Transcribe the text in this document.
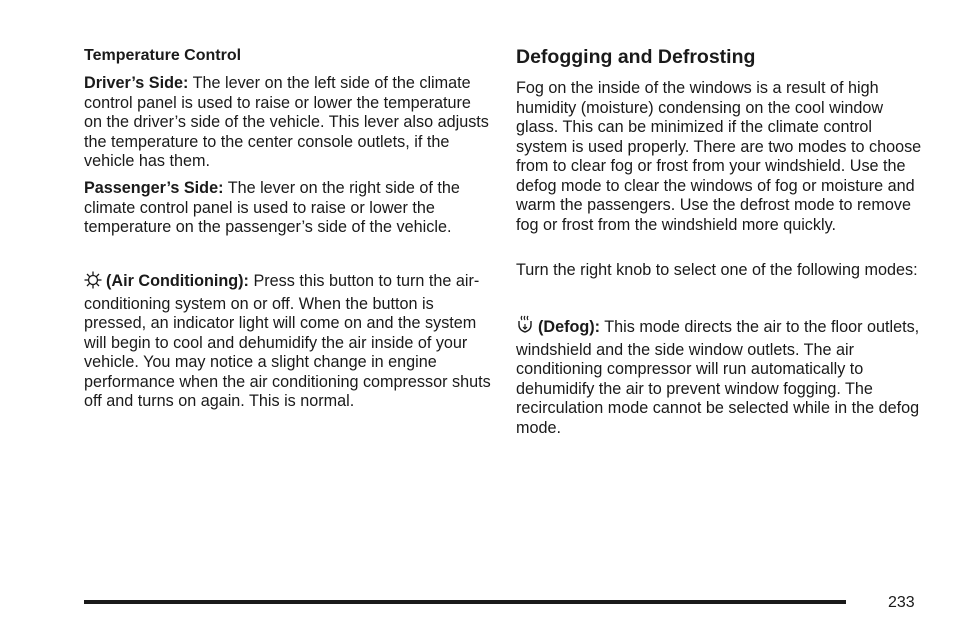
Temperature Control

Driver’s Side: The lever on the left side of the climate control panel is used to raise or lower the temperature on the driver’s side of the vehicle. This lever also adjusts the temperature to the center console outlets, if the vehicle has them.

Passenger’s Side: The lever on the right side of the climate control panel is used to raise or lower the temperature on the passenger’s side of the vehicle.

(Air Conditioning): Press this button to turn the air-conditioning system on or off. When the button is pressed, an indicator light will come on and the system will begin to cool and dehumidify the air inside of your vehicle. You may notice a slight change in engine performance when the air conditioning compressor shuts off and turns on again. This is normal.

Defogging and Defrosting

Fog on the inside of the windows is a result of high humidity (moisture) condensing on the cool window glass. This can be minimized if the climate control system is used properly. There are two modes to choose from to clear fog or frost from your windshield. Use the defog mode to clear the windows of fog or moisture and warm the passengers. Use the defrost mode to remove fog or frost from the windshield more quickly.

Turn the right knob to select one of the following modes:

(Defog): This mode directs the air to the floor outlets, windshield and the side window outlets. The air conditioning compressor will run automatically to dehumidify the air to prevent window fogging. The recirculation mode cannot be selected while in the defog mode.

233
